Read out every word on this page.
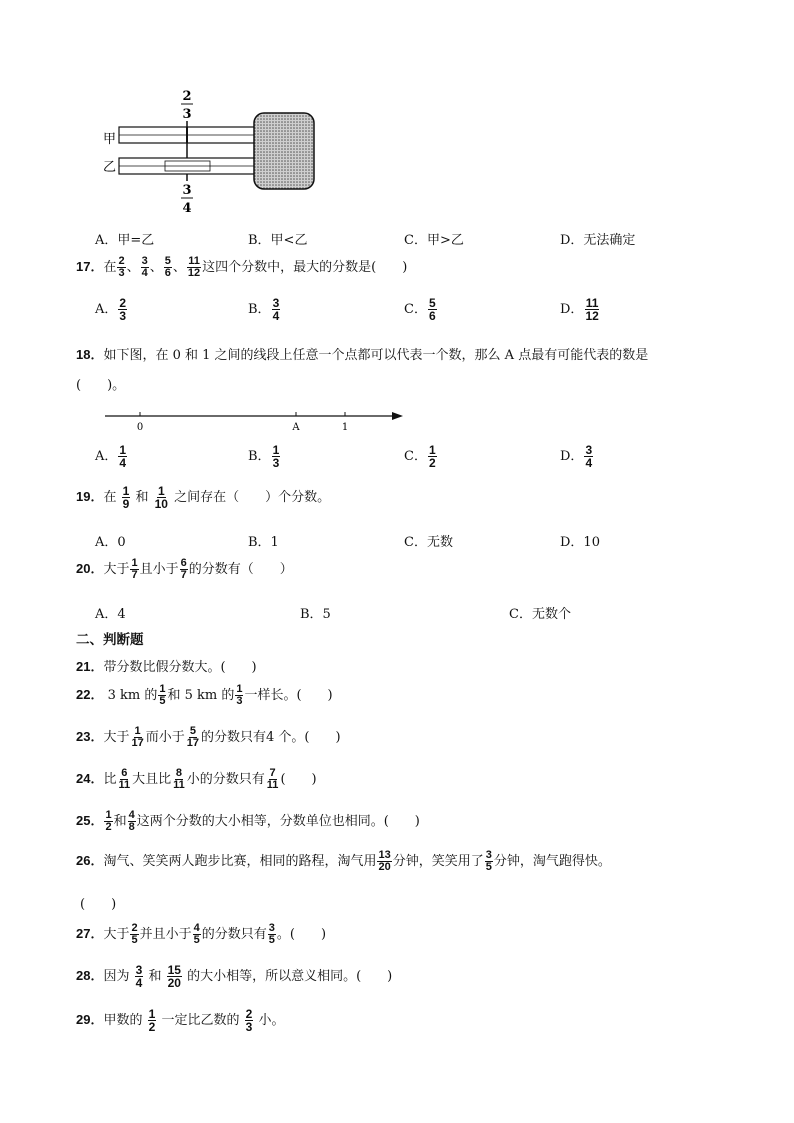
2
3
甲
乙
3
4
A．甲=乙	B．甲<乙	C．甲>乙	D．无法确定
17．在 $\frac{2}{3}$ 、 $\frac{3}{4}$ 、 $\frac{5}{6}$ 、 $\frac{11}{12}$ 这四个分数中，最大的分数是(　　)
A． $\frac{2}{3}$	B． $\frac{3}{4}$	C． $\frac{5}{6}$	D． $\frac{11}{12}$
18．如下图，在 0 和 1 之间的线段上任意一个点都可以代表一个数，那么 A 点最有可能代表的数是
(　　)。
0	A	1
A． $\frac{1}{4}$	B． $\frac{1}{3}$	C． $\frac{1}{2}$	D． $\frac{3}{4}$
19．在 $\frac{1}{9}$ 和 $\frac{1}{10}$ 之间存在（　　）个分数。
A．0	B．1	C．无数	D．10
20．大于 $\frac{1}{7}$ 且小于 $\frac{6}{7}$ 的分数有（　　）
A．4	B．5	C．无数个
二、判断题
21．带分数比假分数大。(　　)
22． 3 km 的 $\frac{1}{5}$ 和 5 km 的 $\frac{1}{3}$ 一样长。(　　)
23．大于 $\frac{1}{17}$ 而小于 $\frac{5}{17}$ 的分数只有4 个。(　　)
24．比 $\frac{6}{11}$ 大且比 $\frac{8}{11}$ 小的分数只有 $\frac{7}{11}$ (　　)
25． $\frac{1}{2}$ 和 $\frac{4}{8}$ 这两个分数的大小相等，分数单位也相同。(　　)
26．淘气、笑笑两人跑步比赛，相同的路程，淘气用 $\frac{13}{20}$ 分钟，笑笑用了 $\frac{3}{5}$ 分钟，淘气跑得快。
(　　)
27．大于 $\frac{2}{5}$ 并且小于 $\frac{4}{5}$ 的分数只有 $\frac{3}{5}$ 。(　　)
28．因为 $\frac{3}{4}$ 和 $\frac{15}{20}$ 的大小相等，所以意义相同。(　　)
29．甲数的 $\frac{1}{2}$ 一定比乙数的 $\frac{2}{3}$ 小。
